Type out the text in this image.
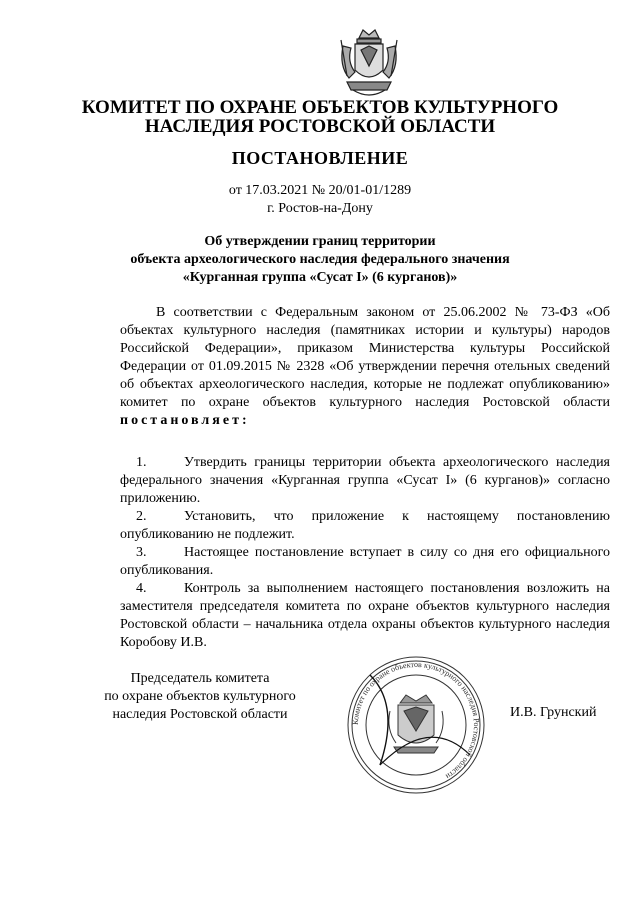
КОМИТЕТ ПО ОХРАНЕ ОБЪЕКТОВ КУЛЬТУРНОГО
НАСЛЕДИЯ РОСТОВСКОЙ ОБЛАСТИ
ПОСТАНОВЛЕНИЕ
от 17.03.2021 № 20/01-01/1289
г. Ростов-на-Дону
Об утверждении границ территории
объекта археологического наследия федерального значения
«Курганная группа «Сусат I» (6 курганов)»
В соответствии с Федеральным законом от 25.06.2002 № 73-ФЗ «Об объектах культурного наследия (памятниках истории и культуры) народов Российской Федерации», приказом Министерства культуры Российской Федерации от 01.09.2015 № 2328 «Об утверждении перечня отельных сведений об объектах археологического наследия, которые не подлежат опубликованию» комитет по охране объектов культурного наследия Ростовской области постановляет:

1.	Утвердить границы территории объекта археологического наследия федерального значения «Курганная группа «Сусат I» (6 курганов)» согласно приложению.

2.	Установить, что приложение к настоящему постановлению опубликованию не подлежит.

3.	Настоящее постановление вступает в силу со дня его официального опубликования.

4.	Контроль за выполнением настоящего постановления возложить на заместителя председателя комитета по охране объектов культурного наследия Ростовской области – начальника отдела охраны объектов культурного наследия Коробову И.В.

Председатель комитета
по охране объектов культурного
наследия Ростовской области
Комитет по охране объектов культурного наследия Ростовской области
И.В. Грунский
